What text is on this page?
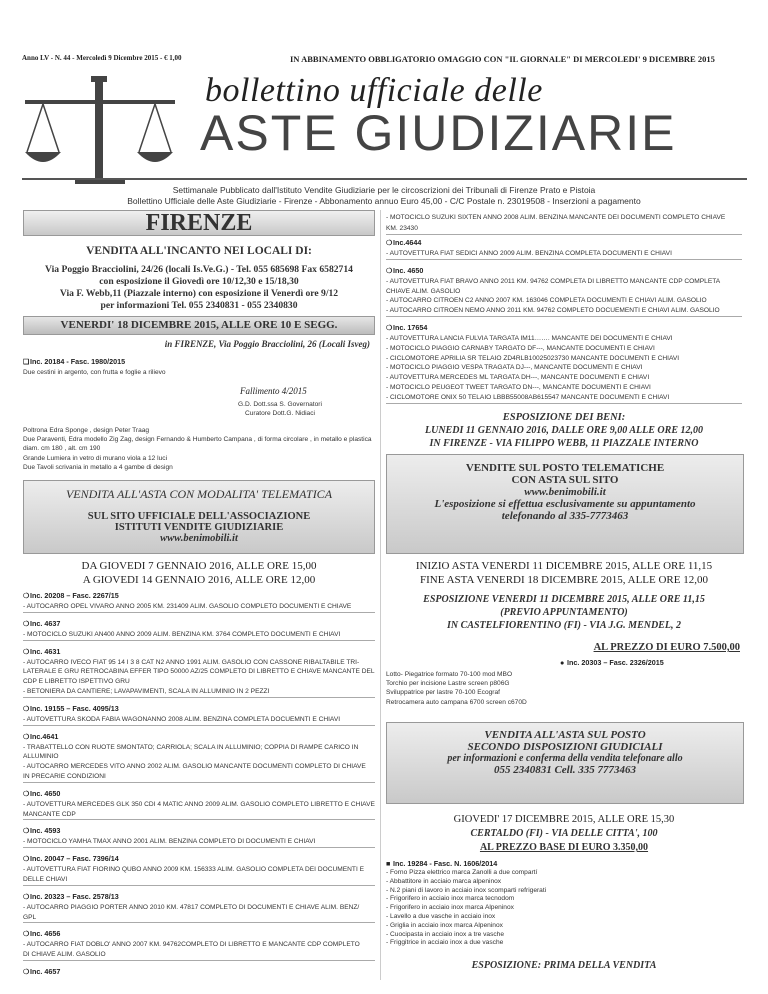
Anno LV - N. 44 - Mercoledì 9 Dicembre 2015 - € 1,00	IN ABBINAMENTO OBBLIGATORIO OMAGGIO CON "IL GIORNALE" DI MERCOLEDI' 9 DICEMBRE 2015
bollettino ufficiale delle
ASTE GIUDIZIARIE
Settimanale Pubblicato dall'Istituto Vendite Giudiziarie per le circoscrizioni dei Tribunali di Firenze Prato e Pistoia
Bollettino Ufficiale delle Aste Giudiziarie - Firenze - Abbonamento annuo Euro 45,00 - C/C Postale n. 23019508 - Inserzioni a pagamento
FIRENZE
VENDITA ALL'INCANTO NEI LOCALI DI:
Via Poggio Bracciolini, 24/26 (locali Is.Ve.G.) - Tel. 055 685698 Fax 6582714
con esposizione il Giovedì ore 10/12,30 e 15/18,30
Via F. Webb,11 (Piazzale interno) con esposizione il Venerdì ore 9/12
per informazioni Tel. 055 2340831 - 055 2340830
VENERDI' 18 DICEMBRE 2015, ALLE ORE 10 E SEGG.
in FIRENZE, Via Poggio Bracciolini, 26 (Locali Isveg)
❑Inc. 20184 - Fasc. 1980/2015
Due cestini in argento, con frutta e foglie a rilievo
Fallimento 4/2015
G.D. Dott.ssa S. Governatori
Curatore Dott.G. Nidiaci
Poltrona Edra Sponge , design Peter Traag
Due Paraventi, Edra modello Zig Zag, design Fernando & Humberto Campana , di forma circolare , in metallo e plastica
diam. cm 180 , alt. cm 190
Grande Lumiera in vetro di murano viola a 12 luci
Due Tavoli scrivania in metallo a 4 gambe di design
VENDITA ALL'ASTA CON MODALITA' TELEMATICA
SUL SITO UFFICIALE DELL'ASSOCIAZIONE
ISTITUTI VENDITE GIUDIZIARIE
www.benimobili.it
DA GIOVEDI 7 GENNAIO 2016, ALLE ORE 15,00
A GIOVEDI 14 GENNAIO 2016, ALLE ORE 12,00
❍Inc. 20208 – Fasc. 2267/15
- AUTOCARRO OPEL VIVARO ANNO 2005 KM. 231409 ALIM. GASOLIO COMPLETO DOCUMENTI E CHIAVE
❍Inc. 4637
- MOTOCICLO SUZUKI AN400 ANNO 2009 ALIM. BENZINA KM. 3764 COMPLETO DOCUMENTI E CHIAVI
❍Inc. 4631
- AUTOCARRO IVECO FIAT 95 14 I 3 8 CAT N2 ANNO 1991 ALIM. GASOLIO CON CASSONE RIBALTABILE TRI-
LATERALE E GRU RETROCABINA EFFER TIPO 50000 AZ/25 COMPLETO DI LIBRETTO E CHIAVE MANCANTE DEL
CDP E LIBRETTO ISPETTIVO GRU
- BETONIERA DA CANTIERE; LAVAPAVIMENTI, SCALA IN ALLUMINIO IN 2 PEZZI
❍Inc. 19155 – Fasc. 4095/13
- AUTOVETTURA SKODA FABIA WAGONANNO 2008 ALIM. BENZINA COMPLETA DOCUEMNTI E CHIAVI
❍Inc.4641
- TRABATTELLO CON RUOTE SMONTATO; CARRIOLA; SCALA IN ALLUMINIO; COPPIA DI RAMPE CARICO IN
ALLUMINIO
- AUTOCARRO MERCEDES VITO ANNO 2002 ALIM. GASOLIO MANCANTE DOCUMENTI COMPLETO DI CHIAVE
IN PRECARIE CONDIZIONI
❍Inc. 4650
- AUTOVETTURA MERCEDES GLK 350 CDI 4 MATIC ANNO 2009 ALIM. GASOLIO COMPLETO LIBRETTO E CHIAVE
MANCANTE CDP
❍Inc. 4593
- MOTOCICLO YAMHA TMAX ANNO 2001 ALIM. BENZINA COMPLETO DI DOCUMENTI E CHIAVI
❍Inc. 20047 – Fasc. 7396/14
- AUTOVETTURA FIAT FIORINO QUBO ANNO 2009 KM. 156333 ALIM. GASOLIO COMPLETA DEI DOCUMENTI E
DELLE CHIAVI
❍Inc. 20323 – Fasc. 2578/13
- AUTOCARRO PIAGGIO PORTER ANNO 2010 KM. 47817 COMPLETO DI DOCUMENTI E CHIAVE ALIM. BENZ/
GPL
❍Inc. 4656
- AUTOCARRO FIAT DOBLO' ANNO 2007 KM. 94762COMPLETO DI LIBRETTO E MANCANTE CDP COMPLETO
DI CHIAVE ALIM. GASOLIO
❍Inc. 4657
- MOTOCICLO SUZUKI SIXTEN ANNO 2008 ALIM. BENZINA MANCANTE DEI DOCUMENTI COMPLETO CHIAVE
KM. 23430
❍Inc.4644
- AUTOVETTURA FIAT SEDICI ANNO 2009 ALIM. BENZINA COMPLETA DOCUMENTI E CHIAVI
❍Inc. 4650
- AUTOVETTURA FIAT BRAVO ANNO 2011 KM. 94762 COMPLETA DI LIBRETTO MANCANTE CDP COMPLETA
CHIAVE ALIM. GASOLIO
- AUTOCARRO CITROEN C2 ANNO 2007 KM. 163046 COMPLETA DOCUMENTI E CHIAVI ALIM. GASOLIO
- AUTOCARRO CITROEN NEMO ANNO 2011 KM. 94762 COMPLETO DOCUEMENTI E CHIAVI ALIM. GASOLIO
❍Inc. 17654
- AUTOVETTURA LANCIA FULVIA TARGATA IM11……. MANCANTE DEI DOCUMENTI E CHIAVI
- MOTOCICLO PIAGGIO CARNABY TARGATO DF---, MANCANTE DOCUMENTI E CHIAVI
- CICLOMOTORE APRILIA SR TELAIO ZD4RLB10025023730 MANCANTE DOCUMENTI E CHIAVI
- MOTOCICLO PIAGGIO VESPA TRAGATA DJ---, MANCANTE DOCUMENTI E CHIAVI
- AUTOVETTURA MERCEDES ML TARGATA DH---, MANCANTE DOCUMENTI E CHIAVI
- MOTOCICLO PEUGEOT TWEET TARGATO DN---, MANCANTE DOCUMENTI E CHIAVI
- CICLOMOTORE ONIX 50 TELAIO LBBB55008AB615547 MANCANTE DOCUMENTI E CHIAVI
ESPOSIZIONE DEI BENI:
LUNEDI 11 GENNAIO 2016, DALLE ORE 9,00 ALLE ORE 12,00
IN FIRENZE - VIA FILIPPO WEBB, 11 PIAZZALE INTERNO
VENDITE SUL POSTO TELEMATICHE
CON ASTA SUL SITO
www.benimobili.it
L'esposizione si effettua esclusivamente su appuntamento
telefonando al 335-7773463
INIZIO ASTA VENERDI 11 DICEMBRE 2015, ALLE ORE 11,15
FINE ASTA VENERDI 18 DICEMBRE 2015, ALLE ORE 12,00
ESPOSIZIONE VENERDI 11 DICEMBRE 2015, ALLE ORE 11,15
(PREVIO APPUNTAMENTO)
IN CASTELFIORENTINO (FI) - VIA J.G. MENDEL, 2
AL PREZZO DI EURO 7.500,00
● Inc. 20303 – Fasc. 2326/2015
Lotto- Piegatrice formato 70-100 mod MBO
Torchio per incisione Lastre screen p806G
Sviluppatrice per lastre 70-100 Ecograf
Retrocamera auto campana 6700 screen c670D
VENDITA ALL'ASTA SUL POSTO
SECONDO DISPOSIZIONI GIUDICIALI
per informazioni e conferma della vendita telefonare allo
055 2340831 Cell. 335 7773463
GIOVEDI' 17 DICEMBRE 2015, ALLE ORE 15,30
CERTALDO (FI) - VIA DELLE CITTA', 100
AL PREZZO BASE DI EURO 3.350,00
■ Inc. 19284 - Fasc. N. 1606/2014
- Forno Pizza elettrico marca Zanolli a due compartí
- Abbattitore in acciaio marca alpeninox
- N.2 piani di lavoro in acciaio inox scomparti refrigerati
- Frigorifero in acciaio inox marca tecnodom
- Frigorifero in acciaio inox marca Alpeninox
- Lavello a due vasche in acciaio inox
- Griglia in acciaio inox marca Alpeninox
- Cuocipasta in acciaio inox a tre vasche
- Friggitrice in acciaio inox a due vasche
ESPOSIZIONE: PRIMA DELLA VENDITA
